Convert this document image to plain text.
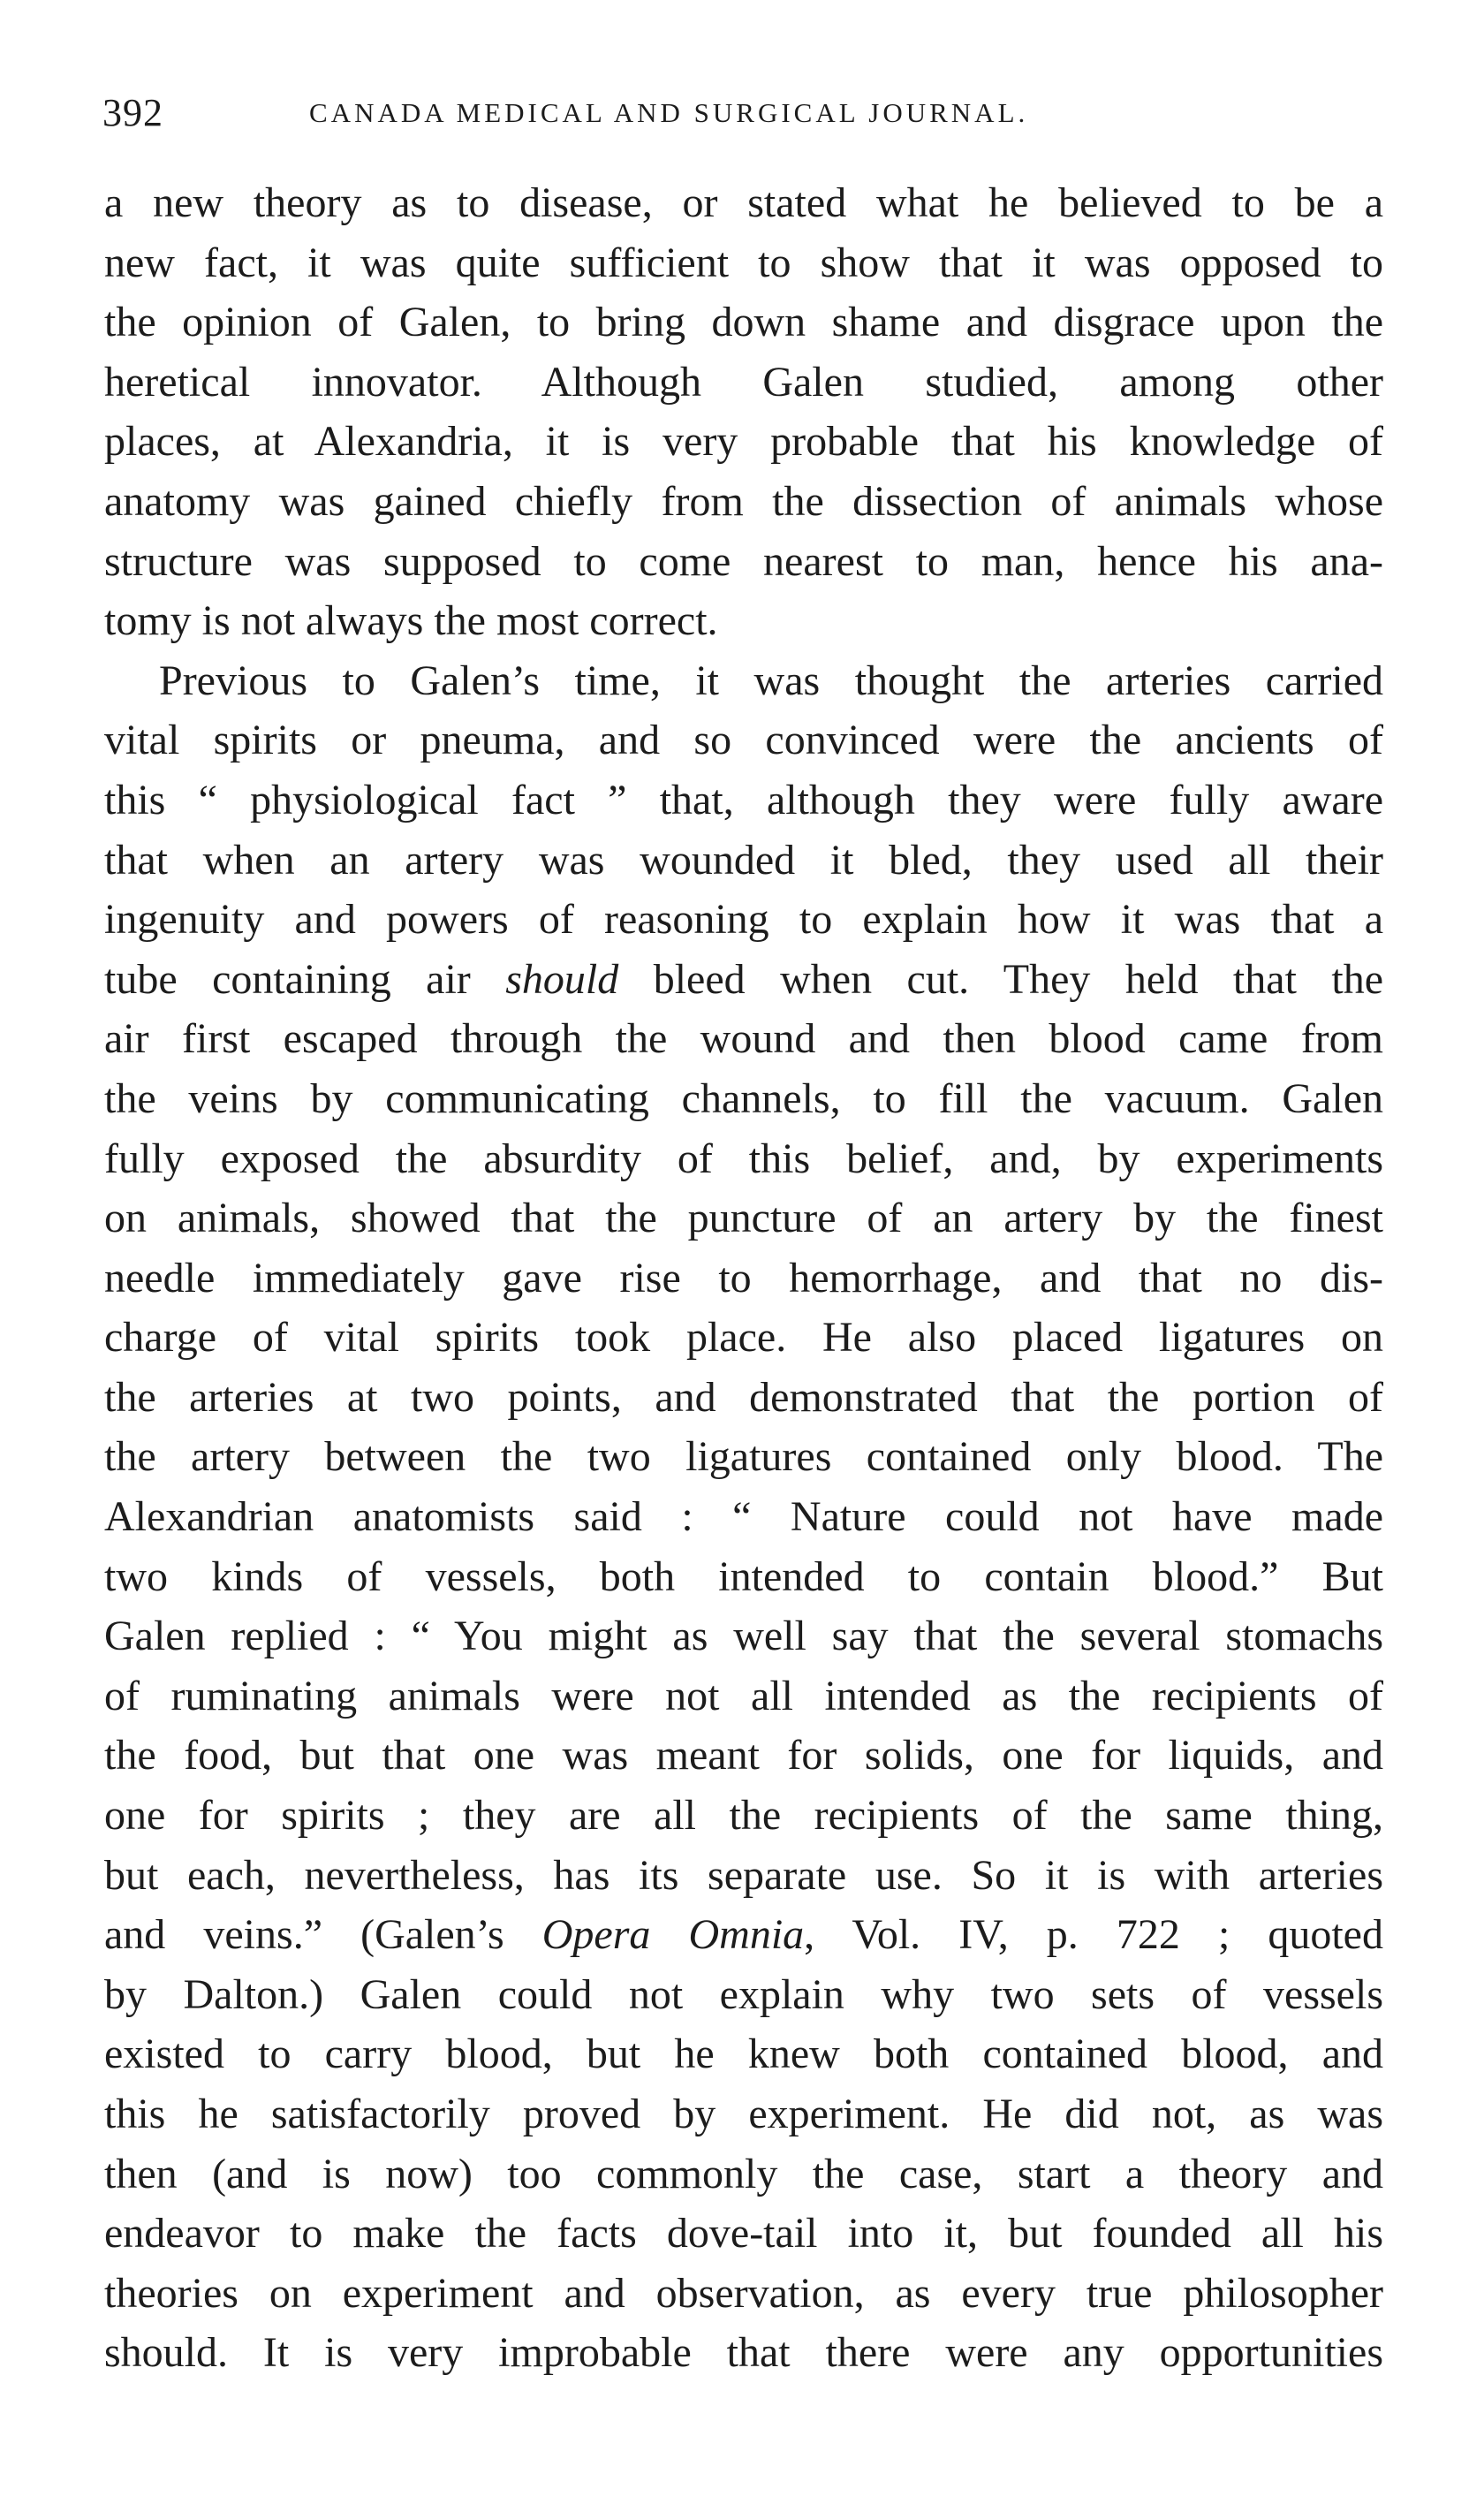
392	CANADA MEDICAL AND SURGICAL JOURNAL.
a new theory as to disease, or stated what he believed to be a
new fact, it was quite sufficient to show that it was opposed to
the opinion of Galen, to bring down shame and disgrace upon the
heretical innovator. Although Galen studied, among other
places, at Alexandria, it is very probable that his knowledge of
anatomy was gained chiefly from the dissection of animals whose
structure was supposed to come nearest to man, hence his ana-
tomy is not always the most correct.
Previous to Galen’s time, it was thought the arteries carried
vital spirits or pneuma, and so convinced were the ancients of
this “ physiological fact ” that, although they were fully aware
that when an artery was wounded it bled, they used all their
ingenuity and powers of reasoning to explain how it was that a
tube containing air should bleed when cut. They held that the
air first escaped through the wound and then blood came from
the veins by communicating channels, to fill the vacuum. Galen
fully exposed the absurdity of this belief, and, by experiments
on animals, showed that the puncture of an artery by the finest
needle immediately gave rise to hemorrhage, and that no dis-
charge of vital spirits took place. He also placed ligatures on
the arteries at two points, and demonstrated that the portion of
the artery between the two ligatures contained only blood. The
Alexandrian anatomists said : “ Nature could not have made
two kinds of vessels, both intended to contain blood.” But
Galen replied : “ You might as well say that the several stomachs
of ruminating animals were not all intended as the recipients of
the food, but that one was meant for solids, one for liquids, and
one for spirits ; they are all the recipients of the same thing,
but each, nevertheless, has its separate use. So it is with arteries
and veins.” (Galen’s Opera Omnia, Vol. IV, p. 722 ; quoted
by Dalton.) Galen could not explain why two sets of vessels
existed to carry blood, but he knew both contained blood, and
this he satisfactorily proved by experiment. He did not, as was
then (and is now) too commonly the case, start a theory and
endeavor to make the facts dove-tail into it, but founded all his
theories on experiment and observation, as every true philosopher
should. It is very improbable that there were any opportunities
